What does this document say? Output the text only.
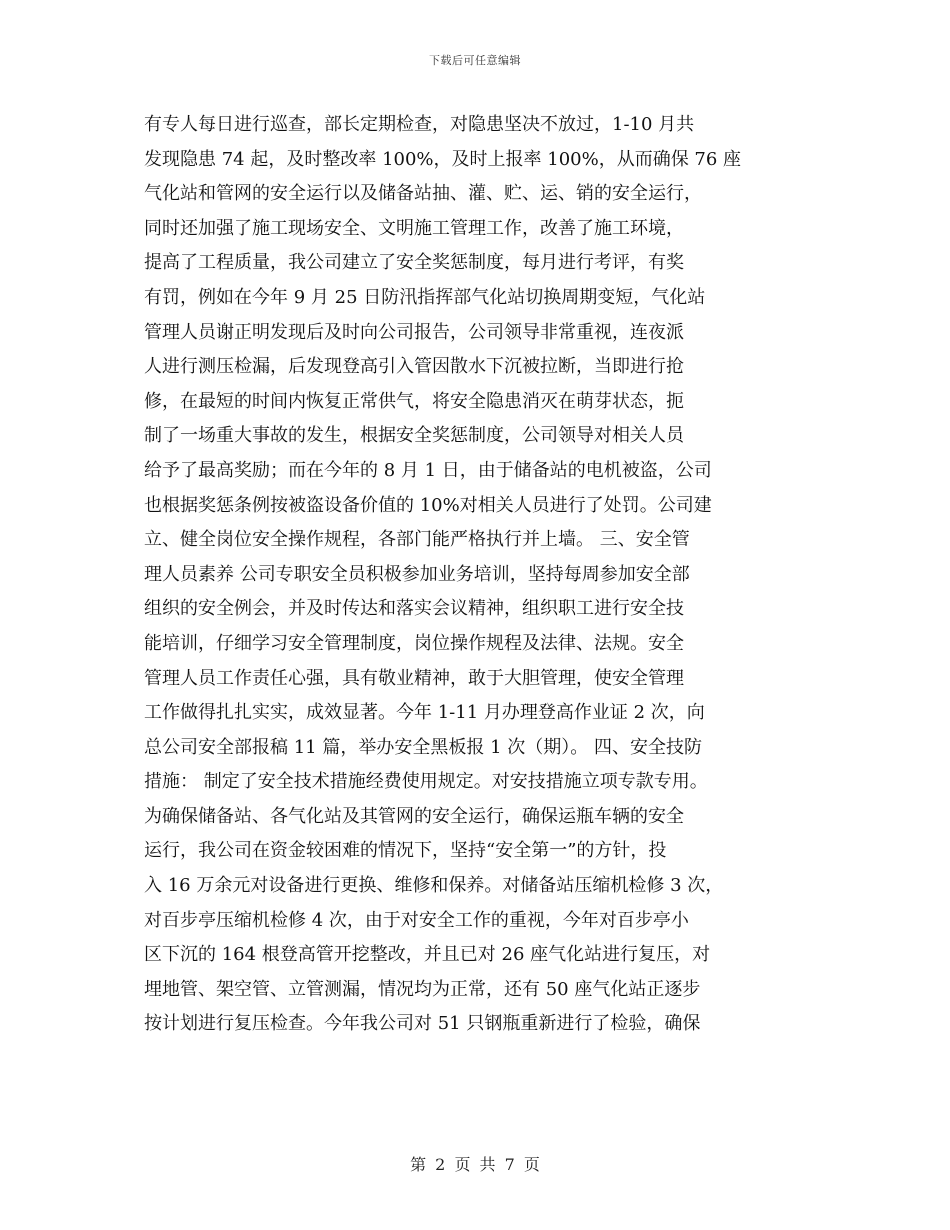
下载后可任意编辑
有专人每日进行巡查，部长定期检查，对隐患坚决不放过，1-10 月共
发现隐患 74 起，及时整改率 100%，及时上报率 100%，从而确保 76 座
气化站和管网的安全运行以及储备站抽、灌、贮、运、销的安全运行，
同时还加强了施工现场安全、文明施工管理工作，改善了施工环境，
提高了工程质量，我公司建立了安全奖惩制度，每月进行考评，有奖
有罚，例如在今年 9 月 25 日防汛指挥部气化站切换周期变短，气化站
管理人员谢正明发现后及时向公司报告，公司领导非常重视，连夜派
人进行测压检漏，后发现登高引入管因散水下沉被拉断，当即进行抢
修，在最短的时间内恢复正常供气，将安全隐患消灭在萌芽状态，扼
制了一场重大事故的发生，根据安全奖惩制度，公司领导对相关人员
给予了最高奖励；而在今年的 8 月 1 日，由于储备站的电机被盗，公司
也根据奖惩条例按被盗设备价值的 10%对相关人员进行了处罚。公司建
立、健全岗位安全操作规程，各部门能严格执行并上墙。 三、安全管
理人员素养 公司专职安全员积极参加业务培训，坚持每周参加安全部
组织的安全例会，并及时传达和落实会议精神，组织职工进行安全技
能培训，仔细学习安全管理制度，岗位操作规程及法律、法规。安全
管理人员工作责任心强，具有敬业精神，敢于大胆管理，使安全管理
工作做得扎扎实实，成效显著。今年 1-11 月办理登高作业证 2 次，向
总公司安全部报稿 11 篇，举办安全黑板报 1 次（期）。 四、安全技防
措施： 制定了安全技术措施经费使用规定。对安技措施立项专款专用。
为确保储备站、各气化站及其管网的安全运行，确保运瓶车辆的安全
运行，我公司在资金较困难的情况下，坚持“安全第一”的方针，投
入 16 万余元对设备进行更换、维修和保养。对储备站压缩机检修 3 次，
对百步亭压缩机检修 4 次，由于对安全工作的重视，今年对百步亭小
区下沉的 164 根登高管开挖整改，并且已对 26 座气化站进行复压，对
埋地管、架空管、立管测漏，情况均为正常，还有 50 座气化站正逐步
按计划进行复压检查。今年我公司对 51 只钢瓶重新进行了检验，确保
第 2 页 共 7 页
